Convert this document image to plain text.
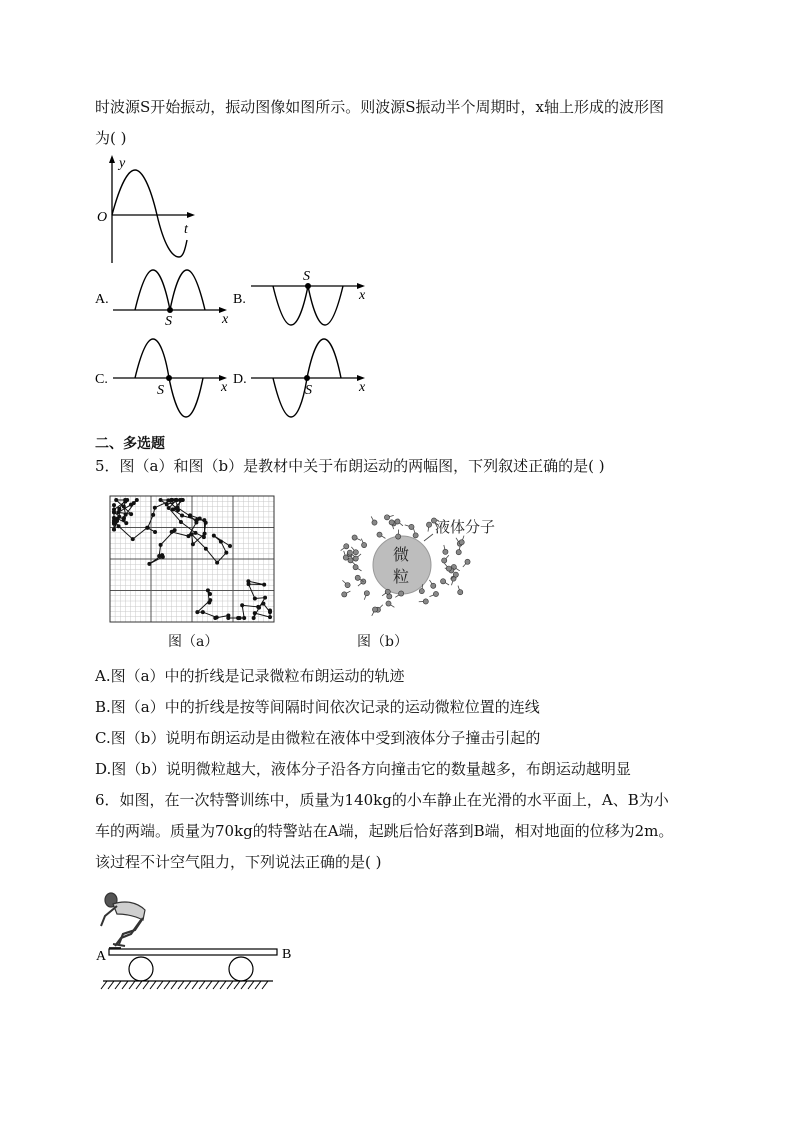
时波源S开始振动，振动图像如图所示。则波源S振动半个周期时，x轴上形成的波形图
为( )
y
O
t
A.
S	x
B.
S
x
C.
S	x
D.
S	x
二、多选题
5．图（a）和图（b）是教材中关于布朗运动的两幅图，下列叙述正确的是( )
图（a）
微
粒
液体分子
图（b）
A.图（a）中的折线是记录微粒布朗运动的轨迹
B.图（a）中的折线是按等间隔时间依次记录的运动微粒位置的连线
C.图（b）说明布朗运动是由微粒在液体中受到液体分子撞击引起的
D.图（b）说明微粒越大，液体分子沿各方向撞击它的数量越多，布朗运动越明显
6．如图，在一次特警训练中，质量为140kg的小车静止在光滑的水平面上，A、B为小
车的两端。质量为70kg的特警站在A端，起跳后恰好落到B端，相对地面的位移为2m。
该过程不计空气阻力，下列说法正确的是( )
A	B
